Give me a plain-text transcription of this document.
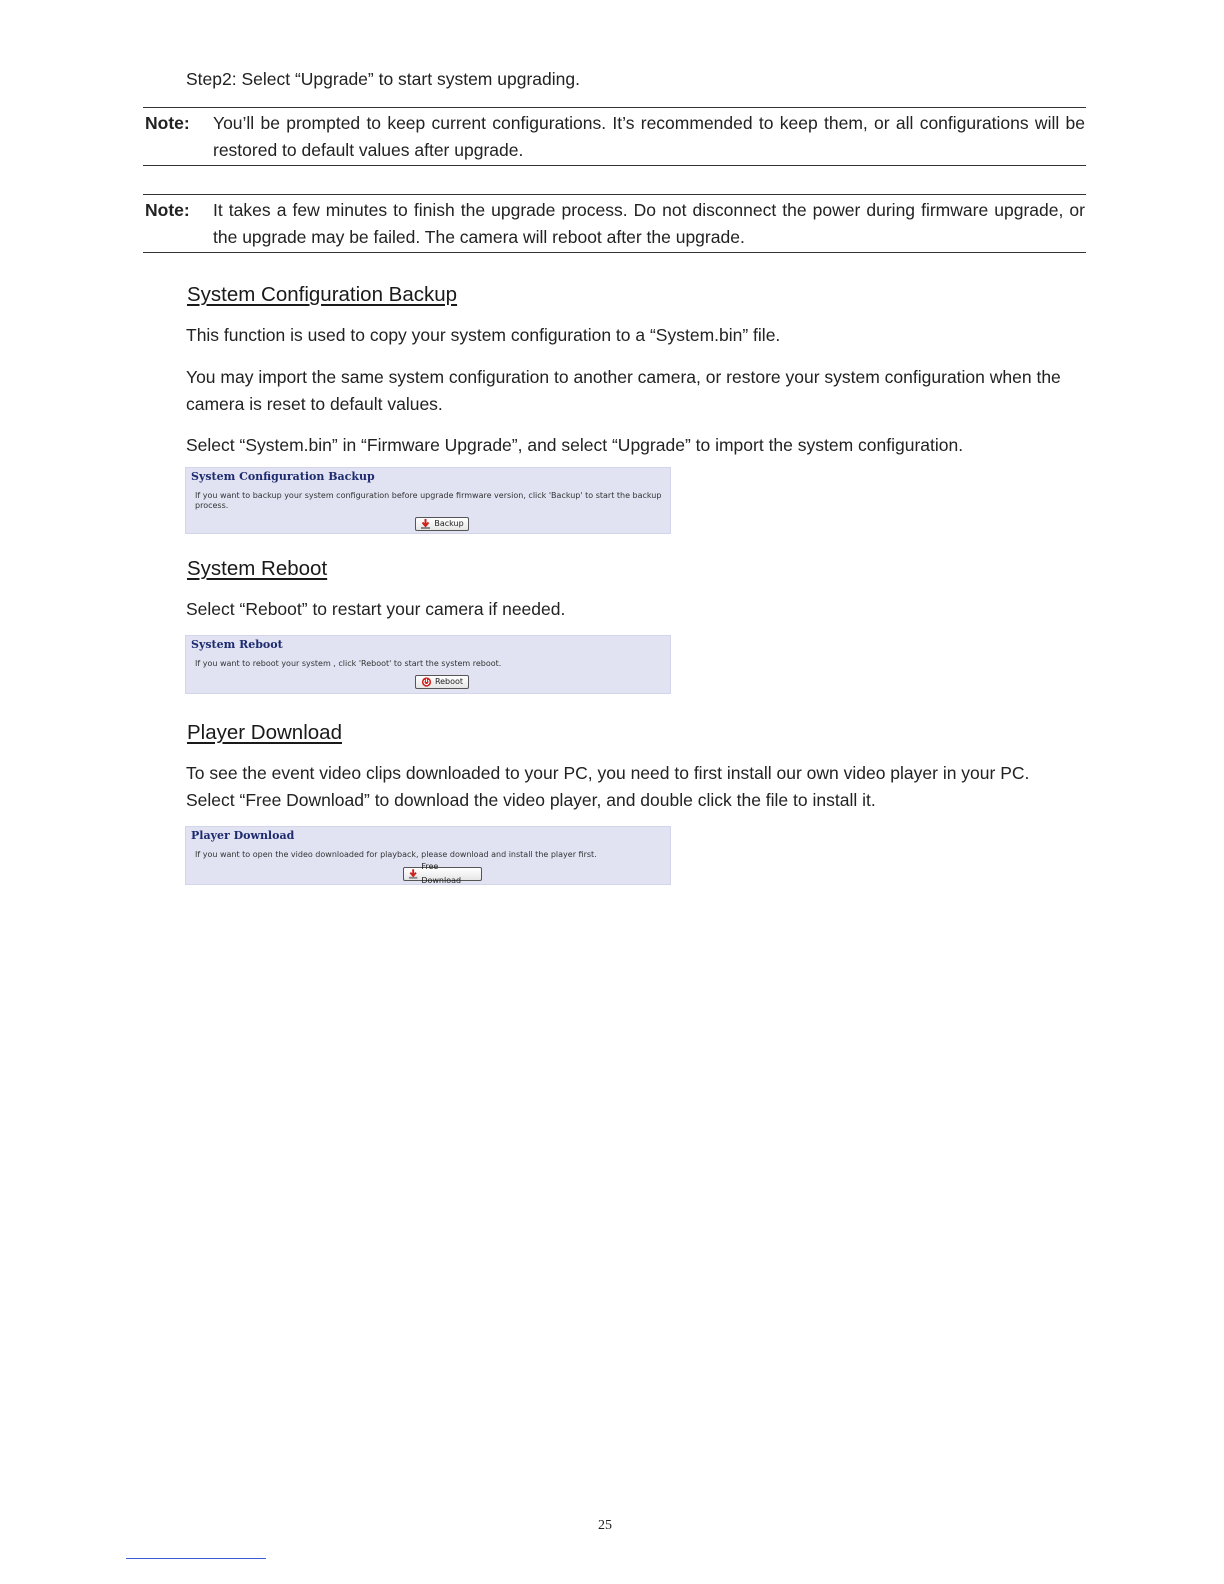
Step2: Select “Upgrade” to start system upgrading.
Note: You’ll be prompted to keep current configurations. It’s recommended to keep them, or all configurations will be restored to default values after upgrade.
Note: It takes a few minutes to finish the upgrade process. Do not disconnect the power during firmware upgrade, or the upgrade may be failed. The camera will reboot after the upgrade.
System Configuration Backup
This function is used to copy your system configuration to a “System.bin” file.
You may import the same system configuration to another camera, or restore your system configuration when the camera is reset to default values.
Select “System.bin” in “Firmware Upgrade”, and select “Upgrade” to import the system configuration.
System Configuration Backup
If you want to backup your system configuration before upgrade firmware version, click 'Backup' to start the backup process.
Backup
System Reboot
Select “Reboot” to restart your camera if needed.
System Reboot
If you want to reboot your system , click 'Reboot' to start the system reboot.
Reboot
Player Download
To see the event video clips downloaded to your PC, you need to first install our own video player in your PC. Select “Free Download” to download the video player, and double click the file to install it.
Player Download
If you want to open the video downloaded for playback, please download and install the player first.
Free Download
25
